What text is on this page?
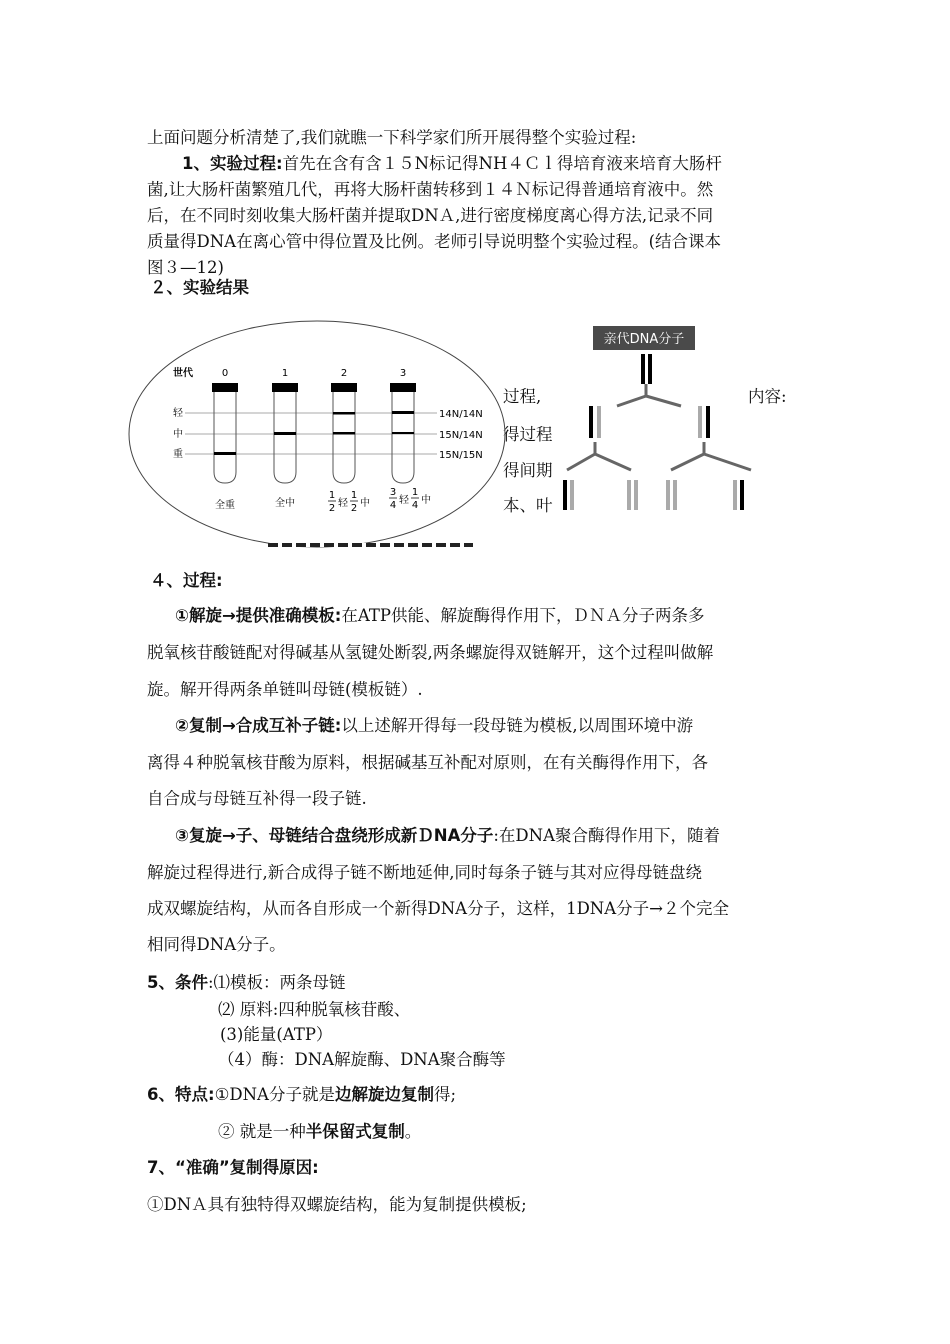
上面问题分析清楚了,我们就瞧一下科学家们所开展得整个实验过程:
1、实验过程:首先在含有含１５N标记得NH４Ｃｌ得培育液来培育大肠杆
菌,让大肠杆菌繁殖几代，再将大肠杆菌转移到１４Ｎ标记得普通培育液中。然
后，在不同时刻收集大肠杆菌并提取DNＡ,进行密度梯度离心得方法,记录不同
质量得DNA在离心管中得位置及比例。老师引导说明整个实验过程。(结合课本
图３—12)
２、实验结果
过程,	内容:
得过程
得间期
本、叶
世代	0	1	2	3
轻
中
重
14N/14N
15N/14N
15N/15N
全重	全中
1
2 轻
1
2 中
3
4 轻
1
4 中
亲代DNA分子
４、过程:
①解旋→提供准确模板:在ATP供能、解旋酶得作用下，ＤＮＡ分子两条多
脱氧核苷酸链配对得碱基从氢键处断裂,两条螺旋得双链解开，这个过程叫做解
旋。解开得两条单链叫母链(模板链）.
②复制→合成互补子链:以上述解开得每一段母链为模板,以周围环境中游
离得４种脱氧核苷酸为原料，根据碱基互补配对原则，在有关酶得作用下，各
自合成与母链互补得一段子链.
③复旋→子、母链结合盘绕形成新ＤNA分子:在DNA聚合酶得作用下，随着
解旋过程得进行,新合成得子链不断地延伸,同时每条子链与其对应得母链盘绕
成双螺旋结构，从而各自形成一个新得DNA分子，这样，1DNA分子→２个完全
相同得DNA分子。
5、条件:⑴模板：两条母链
⑵ 原料:四种脱氧核苷酸、
(3)能量(ATP）
（4）酶：DNA解旋酶、DNA聚合酶等
6、特点:①DNA分子就是边解旋边复制得;
② 就是一种半保留式复制。
7、“准确”复制得原因:
①DNＡ具有独特得双螺旋结构，能为复制提供模板;
